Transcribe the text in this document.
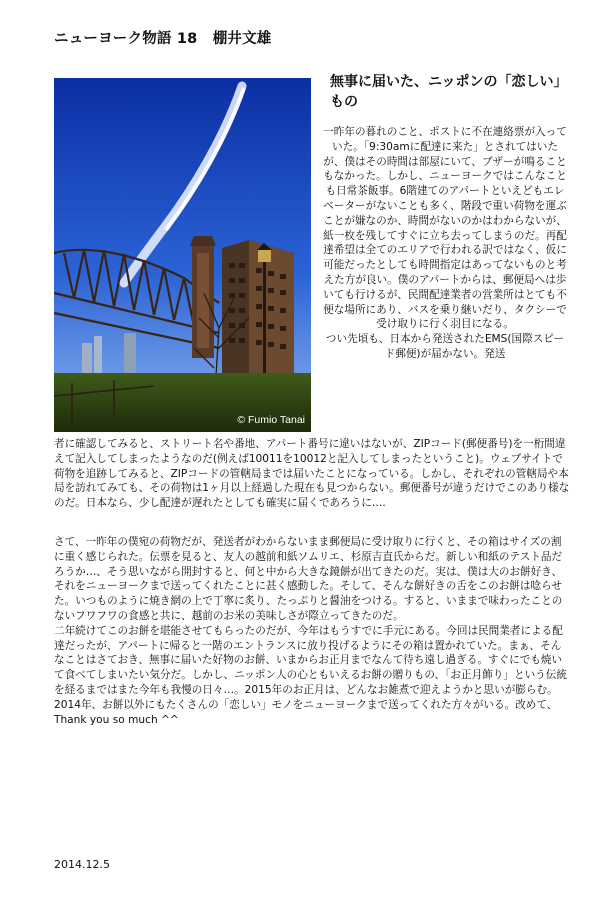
ニューヨーク物語 18 棚井文雄
© Fumio Tanai
無事に届いた、ニッポンの「恋しい」もの

一昨年の暮れのこと、ポストに不在連絡票が入っていた。「9:30amに配達に来た」とされてはいたが、僕はその時間は部屋にいて、ブザーが鳴ることもなかった。しかし、ニューヨークではこんなことも日常茶飯事。6階建てのアパートといえどもエレベーターがないことも多く、階段で重い荷物を運ぶことが嫌なのか、時間がないのかはわからないが、紙一枚を残してすぐに立ち去ってしまうのだ。再配達希望は全てのエリアで行われる訳ではなく、仮に可能だったとしても時間指定はあってないものと考えた方が良い。僕のアパートからは、郵便局へは歩いても行けるが、民間配達業者の営業所はとても不便な場所にあり、バスを乗り継いだり、タクシーで受け取りに行く羽目になる。

つい先頃も、日本から発送されたEMS(国際スピード郵便)が届かない。発送

者に確認してみると、ストリート名や番地、アパート番号に違いはないが、ZIPコード(郵便番号)を一桁間違えて記入してしまったようなのだ(例えば10011を10012と記入してしまったということ)。ウェブサイトで荷物を追跡してみると、ZIPコードの管轄局までは届いたことになっている。しかし、それぞれの管轄局や本局を訪れてみても、その荷物は1ヶ月以上経過した現在も見つからない。郵便番号が違うだけでこのあり様なのだ。日本なら、少し配達が遅れたとしても確実に届くであろうに….

さて、一昨年の僕宛の荷物だが、発送者がわからないまま郵便局に受け取りに行くと、その箱はサイズの割に重く感じられた。伝票を見ると、友人の越前和紙ソムリエ、杉原吉直氏からだ。新しい和紙のテスト品だろうか…、そう思いながら開封すると、何と中から大きな鏡餅が出てきたのだ。実は、僕は大のお餅好き、それをニューヨークまで送ってくれたことに甚く感動した。そして、そんな餅好きの舌をこのお餅は唸らせた。いつものように焼き網の上で丁寧に炙り、たっぷりと醤油をつける。すると、いままで味わったことのないフワフワの食感と共に、越前のお米の美味しさが際立ってきたのだ。

二年続けてこのお餅を堪能させてもらったのだが、今年はもうすでに手元にある。今回は民間業者による配達だったが、アパートに帰ると一階のエントランスに放り投げるようにその箱は置かれていた。まぁ、そんなことはさておき、無事に届いた好物のお餅、いまからお正月までなんて待ち遠し過ぎる。すぐにでも焼いて食べてしまいたい気分だ。しかし、ニッポン人の心ともいえるお餅の贈りもの、「お正月飾り」という伝統を経るまではまた今年も我慢の日々…。2015年のお正月は、どんなお雑煮で迎えようかと思いが膨らむ。

2014年、お餅以外にもたくさんの「恋しい」モノをニューヨークまで送ってくれた方々がいる。改めて、Thank you so much ^^

2014.12.5
